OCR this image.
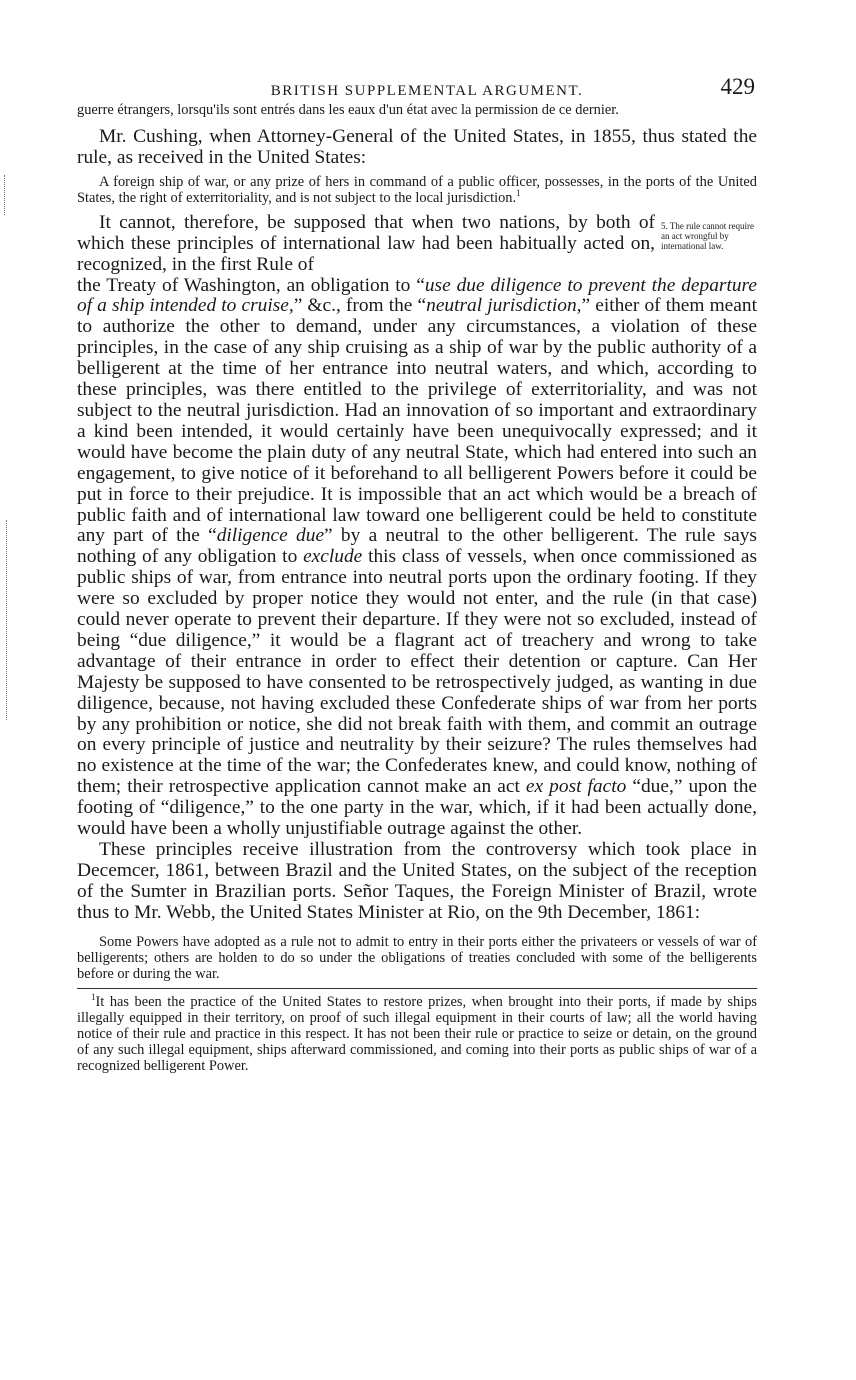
BRITISH SUPPLEMENTAL ARGUMENT.	429

guerre étrangers, lorsqu'ils sont entrés dans les eaux d'un état avec la permission de ce dernier.

Mr. Cushing, when Attorney-General of the United States, in 1855, thus stated the rule, as received in the United States:

A foreign ship of war, or any prize of hers in command of a public officer, possesses, in the ports of the United States, the right of exterritoriality, and is not subject to the local jurisdiction.$^1$

5. The rule cannot require an act wrongful by international law.

It cannot, therefore, be supposed that when two nations, by both of which these principles of international law had been habitually acted on, recognized, in the first Rule of

the Treaty of Washington, an obligation to “use due diligence to prevent the departure of a ship intended to cruise,” &c., from the “neutral jurisdiction,” either of them meant to authorize the other to demand, under any circumstances, a violation of these principles, in the case of any ship cruising as a ship of war by the public authority of a belligerent at the time of her entrance into neutral waters, and which, according to these principles, was there entitled to the privilege of exterritoriality, and was not subject to the neutral jurisdiction. Had an innovation of so important and extraordinary a kind been intended, it would certainly have been unequivocally expressed; and it would have become the plain duty of any neutral State, which had entered into such an engagement, to give notice of it beforehand to all belligerent Powers before it could be put in force to their prejudice. It is impossible that an act which would be a breach of public faith and of international law toward one belligerent could be held to constitute any part of the “diligence due” by a neutral to the other belligerent. The rule says nothing of any obligation to exclude this class of vessels, when once commissioned as public ships of war, from entrance into neutral ports upon the ordinary footing. If they were so excluded by proper notice they would not enter, and the rule (in that case) could never operate to prevent their departure. If they were not so excluded, instead of being “due diligence,” it would be a flagrant act of treachery and wrong to take advantage of their entrance in order to effect their detention or capture. Can Her Majesty be supposed to have consented to be retrospectively judged, as wanting in due diligence, because, not having excluded these Confederate ships of war from her ports by any prohibition or notice, she did not break faith with them, and commit an outrage on every principle of justice and neutrality by their seizure? The rules themselves had no existence at the time of the war; the Confederates knew, and could know, nothing of them; their retrospective application cannot make an act ex post facto “due,” upon the footing of “diligence,” to the one party in the war, which, if it had been actually done, would have been a wholly unjustifiable outrage against the other.

These principles receive illustration from the controversy which took place in Decemcer, 1861, between Brazil and the United States, on the subject of the reception of the Sumter in Brazilian ports. Señor Taques, the Foreign Minister of Brazil, wrote thus to Mr. Webb, the United States Minister at Rio, on the 9th December, 1861:

Some Powers have adopted as a rule not to admit to entry in their ports either the privateers or vessels of war of belligerents; others are holden to do so under the obligations of treaties concluded with some of the belligerents before or during the war.

$^1$It has been the practice of the United States to restore prizes, when brought into their ports, if made by ships illegally equipped in their territory, on proof of such illegal equipment in their courts of law; all the world having notice of their rule and practice in this respect. It has not been their rule or practice to seize or detain, on the ground of any such illegal equipment, ships afterward commissioned, and coming into their ports as public ships of war of a recognized belligerent Power.
